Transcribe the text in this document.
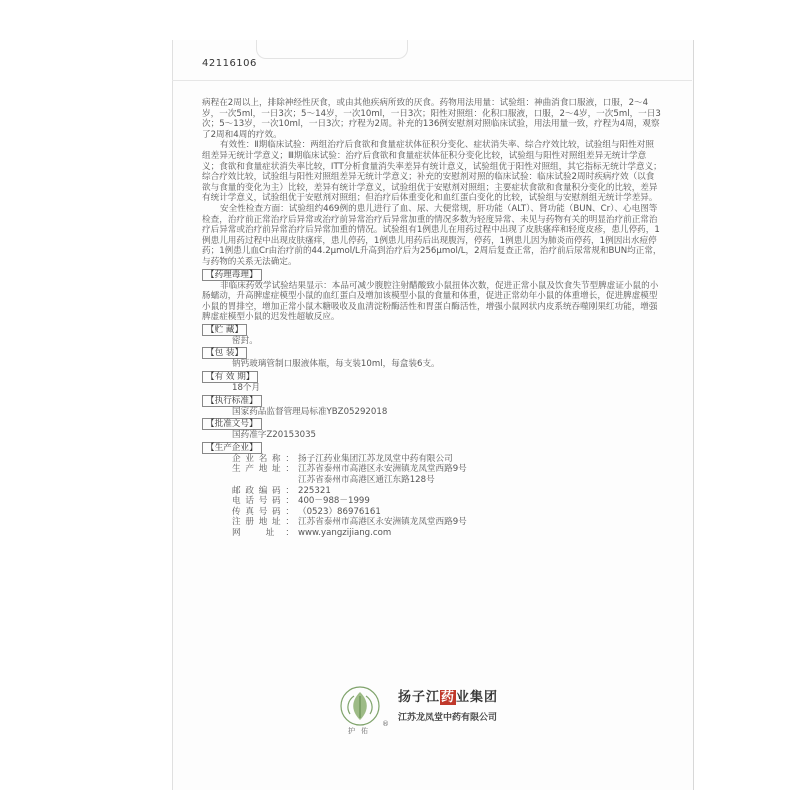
42116106

病程在2周以上，排除神经性厌食，或由其他疾病所致的厌食。药物用法用量：试验组：神曲消食口服液，口服，2～4岁，一次5ml，一日3次；5～14岁，一次10ml，一日3次；阳性对照组：化积口服液，口服，2～4岁，一次5ml，一日3次；5～13岁，一次10ml，一日3次；疗程为2周。补充的136例安慰剂对照临床试验，用法用量一致，疗程为4周，观察了2周和4周的疗效。

有效性：Ⅱ期临床试验：两组治疗后食欲和食量症状体征积分变化、症状消失率、综合疗效比较，试验组与阳性对照组差异无统计学意义；Ⅲ期临床试验：治疗后食欲和食量症状体征积分变化比较，试验组与阳性对照组差异无统计学意义；食欲和食量症状消失率比较，ITT分析食量消失率差异有统计意义，试验组优于阳性对照组，其它指标无统计学意义；综合疗效比较，试验组与阳性对照组差异无统计学意义；补充的安慰剂对照的临床试验：临床试验2周时疾病疗效（以食欲与食量的变化为主）比较，差异有统计学意义，试验组优于安慰剂对照组；主要症状食欲和食量积分变化的比较，差异有统计学意义，试验组优于安慰剂对照组；但治疗后体重变化和血红蛋白变化的比较，试验组与安慰剂组无统计学差异。

安全性检查方面：试验组约469例的患儿进行了血、尿、大便常规，肝功能（ALT）、肾功能（BUN、Cr）、心电图等检查，治疗前正常治疗后异常或治疗前异常治疗后异常加重的情况多数为轻度异常、未见与药物有关的明显治疗前正常治疗后异常或治疗前异常治疗后异常加重的情况。试验组有1例患儿在用药过程中出现了皮肤瘙痒和轻度皮疹，患儿停药，1例患儿用药过程中出现皮肤瘙痒，患儿停药，1例患儿用药后出现腹泻，停药，1例患儿因为肺炎而停药，1例因出水痘停药；1例患儿血Cr由治疗前的44.2μmol/L升高到治疗后为256μmol/L，2周后复查正常，治疗前后尿常规和BUN均正常，与药物的关系无法确定。

【药理毒理】

非临床药效学试验结果显示：本品可减少腹腔注射醋酸致小鼠扭体次数，促进正常小鼠及饮食失节型脾虚证小鼠的小肠蠕动，升高脾虚症模型小鼠的血红蛋白及增加该模型小鼠的食量和体重，促进正常幼年小鼠的体重增长，促进脾虚模型小鼠的胃排空，增加正常小鼠木糖吸收及血清淀粉酶活性和胃蛋白酶活性，增强小鼠网状内皮系统吞噬刚果红功能，增强脾虚症模型小鼠的迟发性超敏反应。

【贮 藏】

密封。

【包 装】

钠钙玻璃管制口服液体瓶，每支装10ml，每盒装6支。

【有 效 期】

18个月

【执行标准】

国家药品监督管理局标准YBZ05292018

【批准文号】

国药准字Z20153035

【生产企业】
企业名称： 扬子江药业集团江苏龙凤堂中药有限公司
生产地址： 江苏省泰州市高港区永安洲镇龙凤堂西路9号
江苏省泰州市高港区通江东路128号
邮政编码： 225321
电话号码： 400－988－1999
传真号码： （0523）86976161
注册地址： 江苏省泰州市高港区永安洲镇龙凤堂西路9号
网 址： www.yangzijiang.com
®
护佑
扬子江药业集团
江苏龙凤堂中药有限公司
